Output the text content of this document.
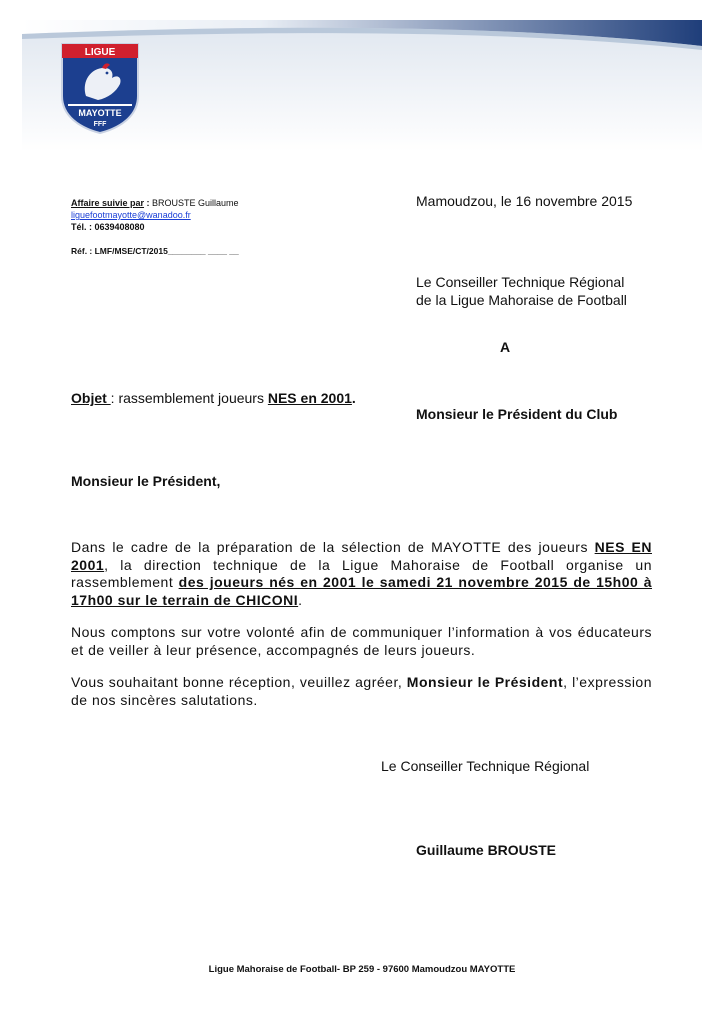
LIGUE
MAYOTTE
FFF
Affaire suivie par : BROUSTE Guillaume
liguefootmayotte@wanadoo.fr
Tél. : 0639408080
Réf. : LMF/MSE/CT/2015________ ____ __
Mamoudzou, le 16 novembre 2015
Le Conseiller Technique Régional
de la Ligue Mahoraise de Football
A
Objet : rassemblement joueurs NES en 2001.
Monsieur le Président du Club
Monsieur le Président,
Dans le cadre de la préparation de la sélection de MAYOTTE des joueurs NES EN 2001, la direction technique de la Ligue Mahoraise de Football organise un rassemblement des joueurs nés en 2001 le samedi 21 novembre 2015 de 15h00 à 17h00 sur le terrain de CHICONI.
Nous comptons sur votre volonté afin de communiquer l’information à vos éducateurs et de veiller à leur présence, accompagnés de leurs joueurs.
Vous souhaitant bonne réception, veuillez agréer, Monsieur le Président, l’expression de nos sincères salutations.
Le Conseiller Technique Régional
Guillaume BROUSTE
Ligue Mahoraise de Football- BP 259 - 97600 Mamoudzou MAYOTTE
